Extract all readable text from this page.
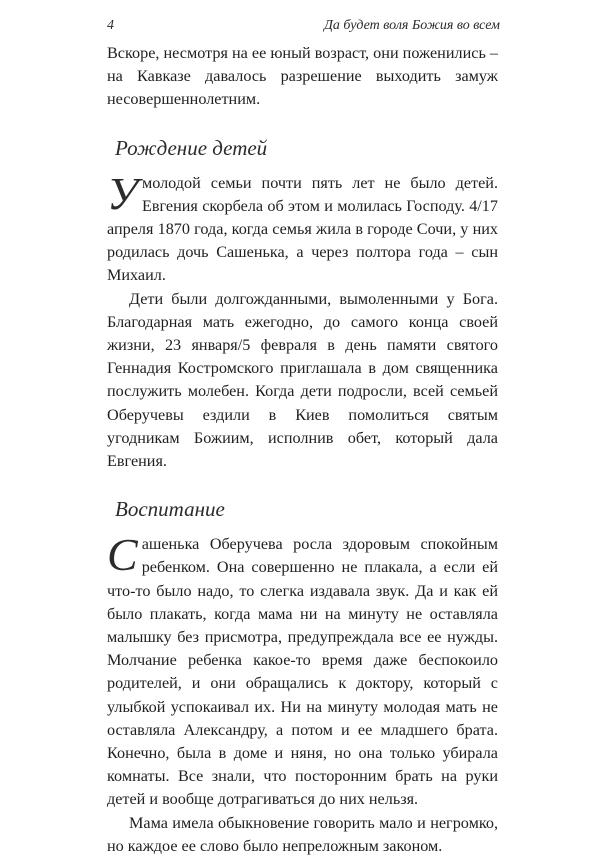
4	Да будет воля Божия во всем

Вскоре, несмотря на ее юный возраст, они поженились – на Кавказе давалось разрешение выходить замуж несовершеннолетним.

Рождение детей

Умолодой семьи почти пять лет не было детей. Евгения скорбела об этом и молилась Господу. 4/17 апреля 1870 года, когда семья жила в городе Сочи, у них родилась дочь Сашенька, а через полтора года – сын Михаил.

Дети были долгожданными, вымоленными у Бога. Благодарная мать ежегодно, до самого конца своей жизни, 23 января/5 февраля в день памяти святого Геннадия Костромского приглашала в дом священника послужить молебен. Когда дети подросли, всей семьей Оберучевы ездили в Киев помолиться святым угодникам Божиим, исполнив обет, который дала Евгения.

Воспитание

Сашенька Оберучева росла здоровым спокойным ребенком. Она совершенно не плакала, а если ей что-то было надо, то слегка издавала звук. Да и как ей было плакать, когда мама ни на минуту не оставляла малышку без присмотра, предупреждала все ее нужды. Молчание ребенка какое-то время даже беспокоило родителей, и они обращались к доктору, который с улыбкой успокаивал их. Ни на минуту молодая мать не оставляла Александру, а потом и ее младшего брата. Конечно, была в доме и няня, но она только убирала комнаты. Все знали, что посторонним брать на руки детей и вообще дотрагиваться до них нельзя.

Мама имела обыкновение говорить мало и негромко, но каждое ее слово было непреложным законом.
